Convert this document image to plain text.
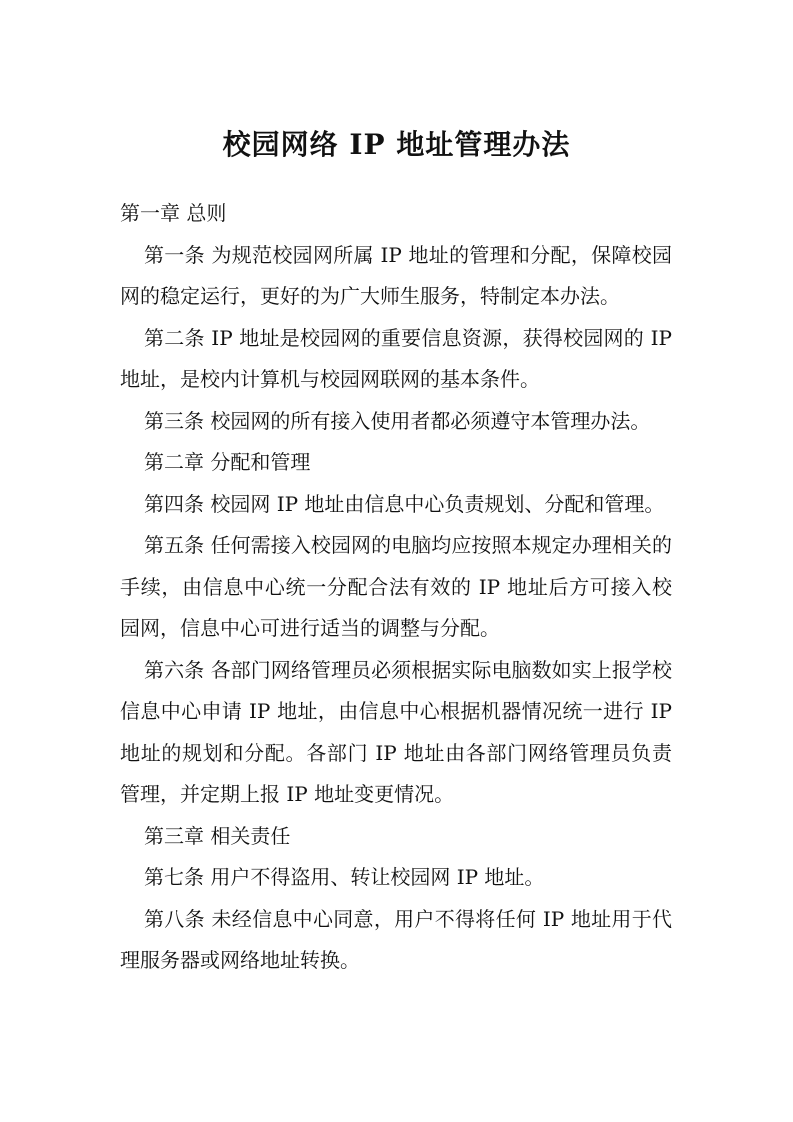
校园网络 IP 地址管理办法

第一章 总则

第一条 为规范校园网所属 IP 地址的管理和分配，保障校园网的稳定运行，更好的为广大师生服务，特制定本办法。

第二条 IP 地址是校园网的重要信息资源，获得校园网的 IP 地址，是校内计算机与校园网联网的基本条件。

第三条 校园网的所有接入使用者都必须遵守本管理办法。

第二章 分配和管理

第四条 校园网 IP 地址由信息中心负责规划、分配和管理。

第五条 任何需接入校园网的电脑均应按照本规定办理相关的手续，由信息中心统一分配合法有效的 IP 地址后方可接入校园网，信息中心可进行适当的调整与分配。

第六条 各部门网络管理员必须根据实际电脑数如实上报学校信息中心申请 IP 地址，由信息中心根据机器情况统一进行 IP 地址的规划和分配。各部门 IP 地址由各部门网络管理员负责管理，并定期上报 IP 地址变更情况。

第三章 相关责任

第七条 用户不得盗用、转让校园网 IP 地址。

第八条 未经信息中心同意，用户不得将任何 IP 地址用于代理服务器或网络地址转换。
